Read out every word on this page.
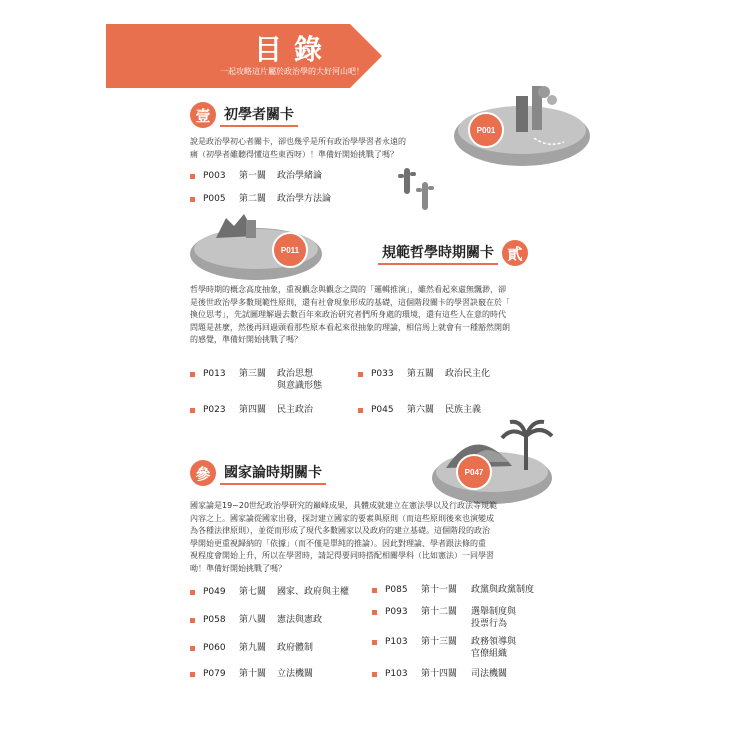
目錄
一起攻略這片屬於政治學的大好河山吧！
壹 初學者關卡
P001
說是政治學初心者關卡，卻也幾乎是所有政治學學習者永遠的
痛（初學者雖聽得懂這些東西呀）！準備好開始挑戰了嗎？
P003	第一關	政治學緒論
P005	第二關	政治學方法論
P011	規範哲學時期關卡 貳
哲學時期的概念高度抽象，重視觀念與觀念之間的「邏輯推演」，雖然看起來虛無飄渺，卻
是後世政治學多數規範性原則，還有社會現象形成的基礎，這個階段關卡的學習訣竅在於「
換位思考」，先試圖理解過去數百年來政治研究者們所身處的環境，還有這些人在意的時代
問題是甚麼，然後再回過頭看那些原本看起來很抽象的理論，相信馬上就會有一種豁然開朗
的感覺，準備好開始挑戰了嗎？
P013	第三關	政治思想
與意識形態
P033	第五關	政治民主化
P023	第四關	民主政治	P045	第六關	民族主義
P047
參 國家論時期關卡
國家論是19~20世紀政治學研究的巔峰成果，具體成就建立在憲法學以及行政法等規範
內容之上。國家論從國家出發，探討建立國家的要素與原則（而這些原則後來也演變成
為各種法律原則），並從而形成了現代多數國家以及政府的建立基礎。這個階段的政治
學開始更重視歸納的「依據」（而不僅是單純的推論）。因此對理論、學者跟法條的重
視程度會開始上升，所以在學習時，請記得要同時搭配相關學科（比如憲法）一同學習
呦！準備好開始挑戰了嗎？
P049	第七關	國家、政府與主權	P085	第十一關	政黨與政黨制度
P058	第八關	憲法與憲政
P093	第十二關	選舉制度與
投票行為
P060	第九關	政府體制
P103	第十三關	政務領導與
官僚組織
P079	第十關	立法機關	P103	第十四關	司法機關
